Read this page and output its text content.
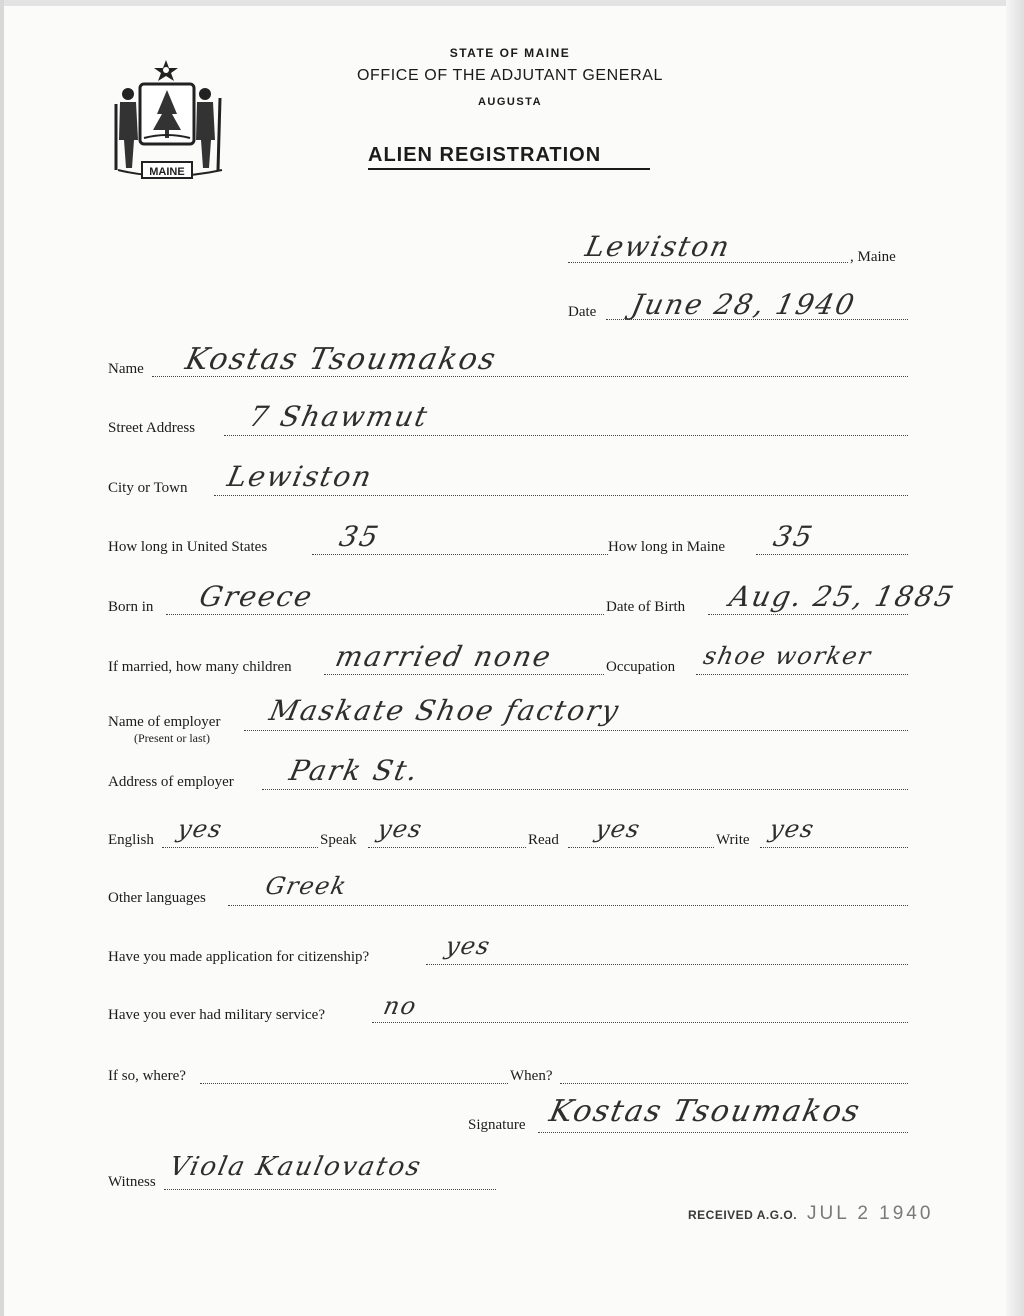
MAINE
STATE OF MAINE
OFFICE OF THE ADJUTANT GENERAL
AUGUSTA
ALIEN REGISTRATION
Lewiston	, Maine
Date June 28, 1940
Name Kostas Tsoumakos
Street Address 7 Shawmut
City or Town Lewiston
How long in United States 35	How long in Maine 35
Born in Greece	Date of Birth Aug. 25, 1885
If married, how many children married none	Occupation shoe worker
Name of employer
(Present or last)
Maskate Shoe factory
Address of employer Park St.
English yes	Speak yes	Read yes	Write yes
Other languages Greek
Have you made application for citizenship?	yes
Have you ever had military service? no
If so, where?	When?
Signature Kostas Tsoumakos
Witness Viola Kaulovatos
RECEIVED A.G.O. JUL 2 1940
